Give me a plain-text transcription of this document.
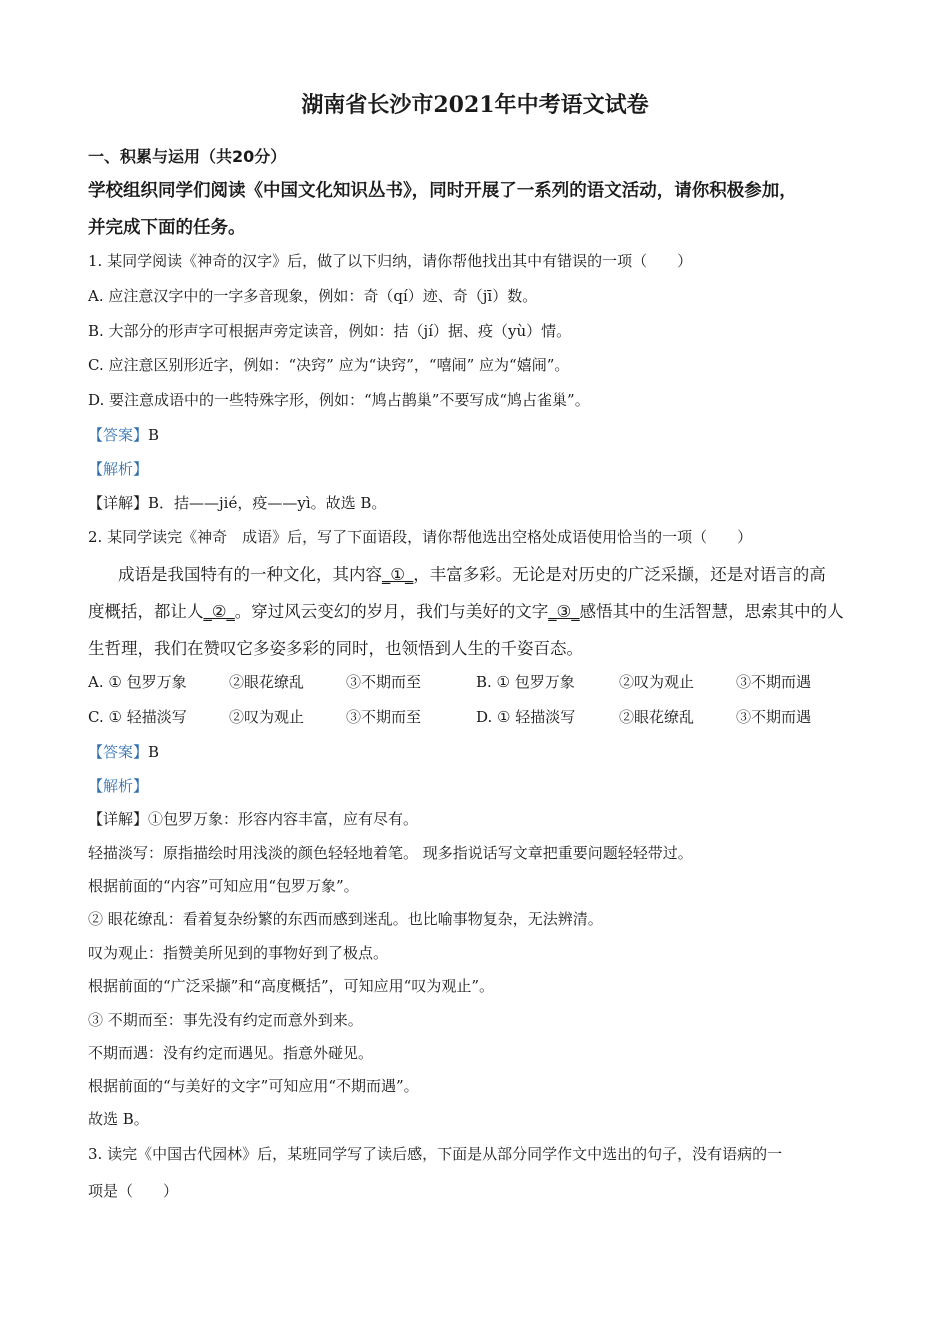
湖南省长沙市2021年中考语文试卷
一、积累与运用（共20分）
学校组织同学们阅读《中国文化知识丛书》，同时开展了一系列的语文活动，请你积极参加，
并完成下面的任务。
1. 某同学阅读《神奇的汉字》后，做了以下归纳，请你帮他找出其中有错误的一项（　　）
A. 应注意汉字中的一字多音现象，例如：奇（qí）迹、奇（jī）数。
B. 大部分的形声字可根据声旁定读音，例如：拮（jí）据、疫（yù）情。
C. 应注意区别形近字，例如：“决窍” 应为“诀窍”，“嘻闹” 应为“嬉闹”。
D. 要注意成语中的一些特殊字形，例如：“鸠占鹊巢”不要写成“鸠占雀巢”。
【答案】B
【解析】
【详解】B．拮——jié，疫——yì。故选 B。
2. 某同学读完《神奇　成语》后，写了下面语段，请你帮他选出空格处成语使用恰当的一项（　　）
成语是我国特有的一种文化，其内容_①_，丰富多彩。无论是对历史的广泛采撷，还是对语言的高
度概括，都让人_②_。穿过风云变幻的岁月，我们与美好的文字_③_感悟其中的生活智慧，思索其中的人
生哲理，我们在赞叹它多姿多彩的同时，也领悟到人生的千姿百态。
A. ① 包罗万象	②眼花缭乱	③不期而至	B. ① 包罗万象	②叹为观止	③不期而遇
C. ① 轻描淡写	②叹为观止	③不期而至	D. ① 轻描淡写	②眼花缭乱	③不期而遇
【答案】B
【解析】
【详解】①包罗万象：形容内容丰富，应有尽有。
轻描淡写：原指描绘时用浅淡的颜色轻轻地着笔。 现多指说话写文章把重要问题轻轻带过。
根据前面的“内容”可知应用“包罗万象”。
② 眼花缭乱：看着复杂纷繁的东西而感到迷乱。也比喻事物复杂，无法辨清。
叹为观止：指赞美所见到的事物好到了极点。
根据前面的“广泛采撷”和“高度概括”，可知应用“叹为观止”。
③ 不期而至：事先没有约定而意外到来。
不期而遇：没有约定而遇见。指意外碰见。
根据前面的“与美好的文字”可知应用“不期而遇”。
故选 B。
3. 读完《中国古代园林》后，某班同学写了读后感，下面是从部分同学作文中选出的句子，没有语病的一
项是（　　）
